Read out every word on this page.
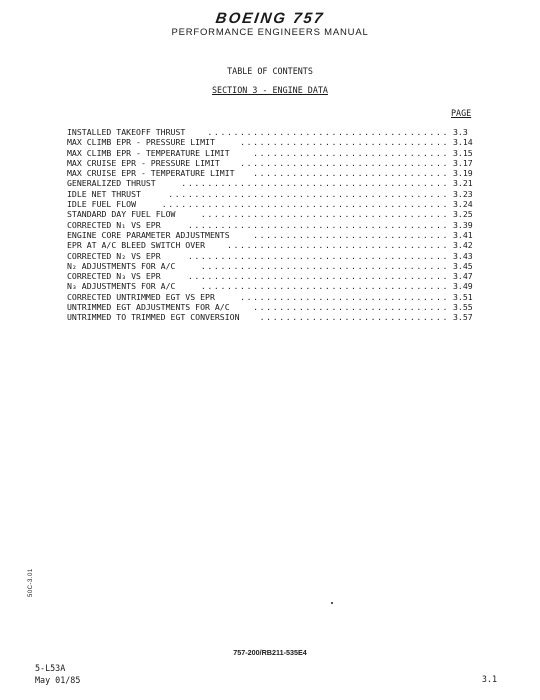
BOEING 757
PERFORMANCE ENGINEERS MANUAL
TABLE OF CONTENTS
SECTION 3 - ENGINE DATA
PAGE
.....................................
INSTALLED TAKEOFF THRUST	3.3
................................
MAX CLIMB EPR - PRESSURE LIMIT	3.14
..............................
MAX CLIMB EPR - TEMPERATURE LIMIT	3.15
................................
MAX CRUISE EPR - PRESSURE LIMIT	3.17
..............................
MAX CRUISE EPR - TEMPERATURE LIMIT	3.19
.........................................
GENERALIZED THRUST	3.21
...........................................
IDLE NET THRUST	3.23
............................................
IDLE FUEL FLOW	3.24
......................................
STANDARD DAY FUEL FLOW	3.25
........................................
CORRECTED N₁ VS EPR	3.39
..............................
ENGINE CORE PARAMETER ADJUSTMENTS	3.41
..................................
EPR AT A/C BLEED SWITCH OVER	3.42
........................................
CORRECTED N₂ VS EPR	3.43
......................................
N₂ ADJUSTMENTS FOR A/C	3.45
........................................
CORRECTED N₃ VS EPR	3.47
......................................
N₃ ADJUSTMENTS FOR A/C	3.49
................................
CORRECTED UNTRIMMED EGT VS EPR	3.51
..............................
UNTRIMMED EGT ADJUSTMENTS FOR A/C	3.55
.............................
UNTRIMMED TO TRIMMED EGT CONVERSION	3.57
50C-3.01
757-200/RB211-535E4
5-L53A
May 01/85	3.1
